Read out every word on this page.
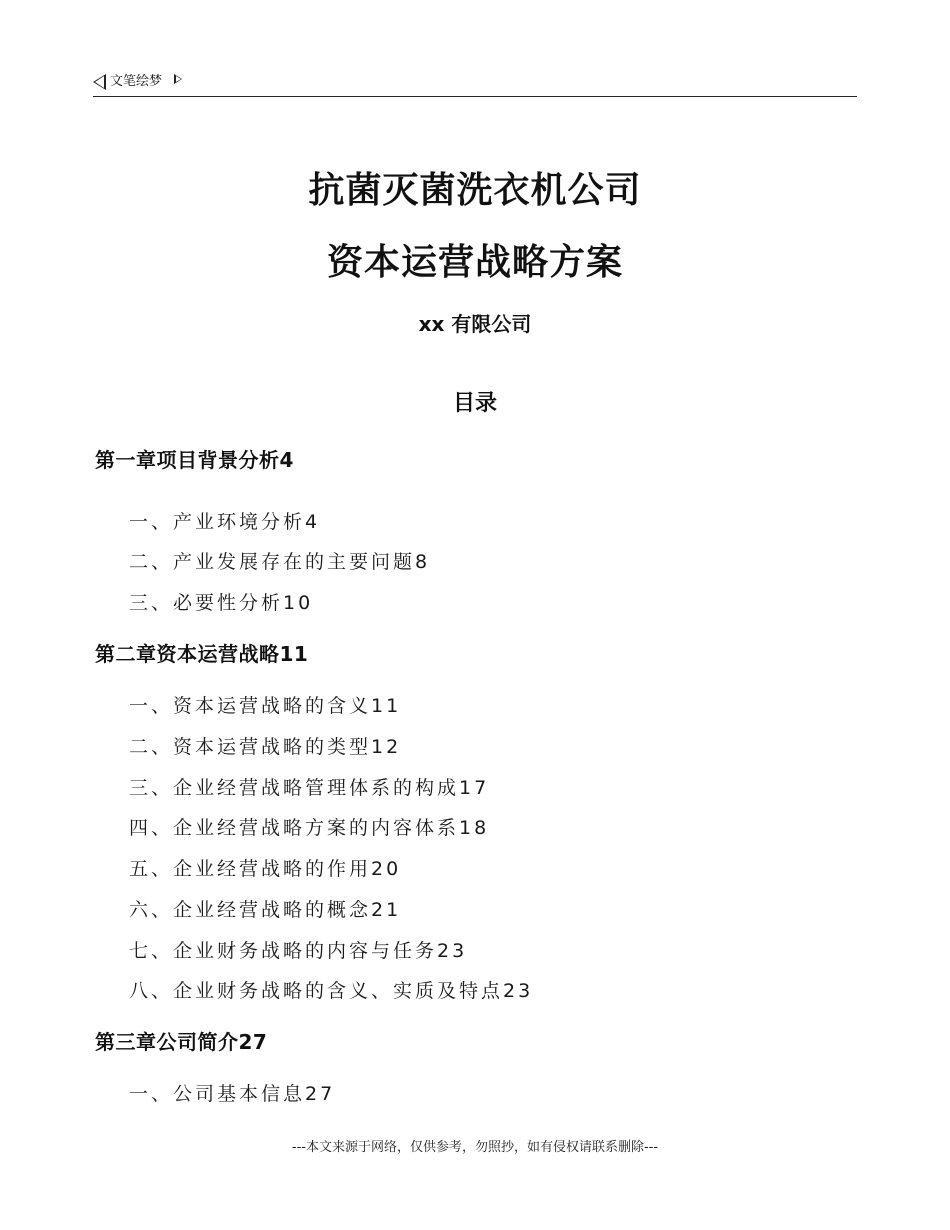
文笔绘梦
抗菌灭菌洗衣机公司
资本运营战略方案
xx 有限公司
目录
第一章项目背景分析4
一、产业环境分析4
二、产业发展存在的主要问题8
三、必要性分析10
第二章资本运营战略11
一、资本运营战略的含义11
二、资本运营战略的类型12
三、企业经营战略管理体系的构成17
四、企业经营战略方案的内容体系18
五、企业经营战略的作用20
六、企业经营战略的概念21
七、企业财务战略的内容与任务23
八、企业财务战略的含义、实质及特点23
第三章公司简介27
一、公司基本信息27
---本文来源于网络，仅供参考，勿照抄，如有侵权请联系删除---
